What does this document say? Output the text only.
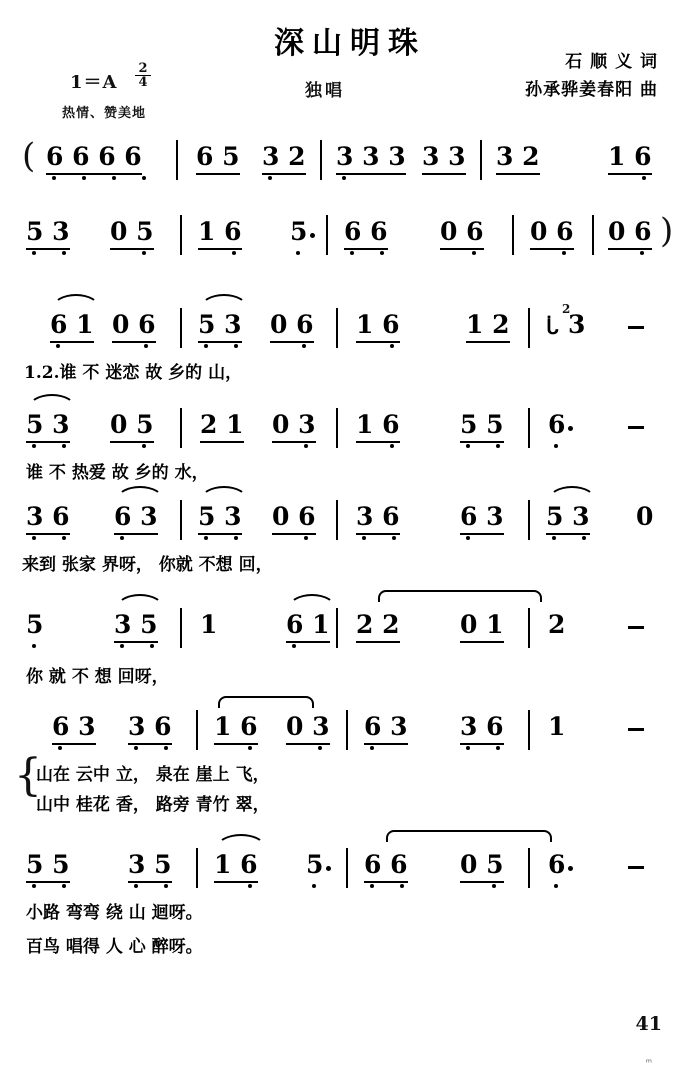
深山明珠
石 顺 义 词
孙承骅姜春阳 曲
$1=A \frac{2}{4}$
独唱
热情、赞美地
( 6 6 6 6 6 5 3 2 3 3 3 3 3 3 2	1 6
5 3 0 5 1 6 5 6 6 0 6 0 6 0 6 )
6 1 0 6 5 3 0 6 1 6	1 2
2
ᒑ 3
1.2.谁 不 迷恋 故 乡的 山，
5 3 0 5 2 1 0 3 1 6 5 5 6
谁 不 热爱 故 乡的 水，
3 6 6 3 5 3 0 6 3 6 6 3 5 3 0
来到 张家 界呀， 你就 不想 回，
5	3 5 1	6 1 2 2 0 1 2
你 就 不 想 回呀，
6 3 3 6 1 6 0 3 6 3 3 6 1
{
山在 云中 立， 泉在 崖上 飞，
山中 桂花 香， 路旁 青竹 翠，
5 5 3 5 1 6 5 6 6 0 5 6
小路 弯弯 绕 山 迴呀。
百鸟 唱得 人 心 醉呀。
41
ᵐ
